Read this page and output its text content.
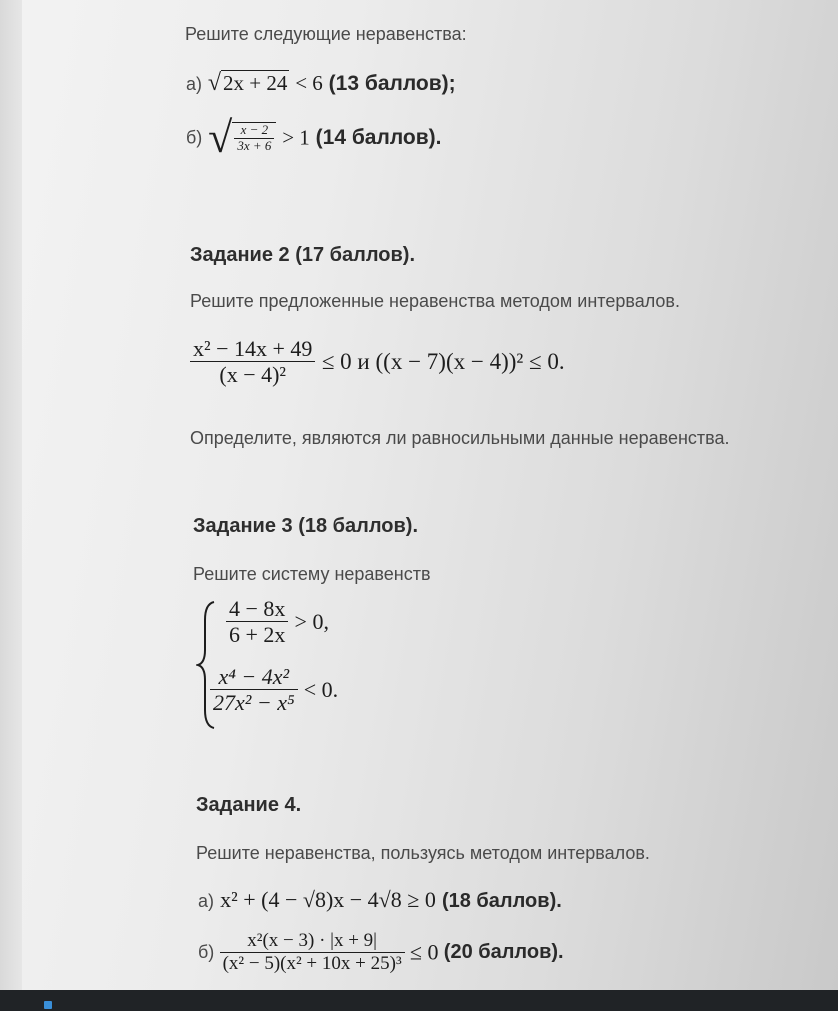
Решите следующие неравенства:
а) √2x + 24 < 6 (13 баллов);
б) √ $\frac{x - 2}{3x + 6} > 1$ (14 баллов).
Задание 2 (17 баллов).
Решите предложенные неравенства методом интервалов.
$\frac{\text{x² − 14x + 49}}{\text{(x − 4)²}} \le 0$ и ((x − 7)(x − 4))² ≤ 0.
Определите, являются ли равносильными данные неравенства.
Задание 3 (18 баллов).
Решите систему неравенств
$\frac{4 - 8x}{6 + 2x} > 0$,
$\frac{\text{x⁴ − 4x²}}{\text{27x² − x⁵}} < 0$.
Задание 4.
Решите неравенства, пользуясь методом интервалов.
а) x² + (4 − √8)x − 4√8 ≥ 0 (18 баллов).
$б) \frac{\text{x²(x − 3) · |x + 9|}}{\text{(x² − 5)(x² + 10x + 25)³}} \le 0$ (20 баллов).
